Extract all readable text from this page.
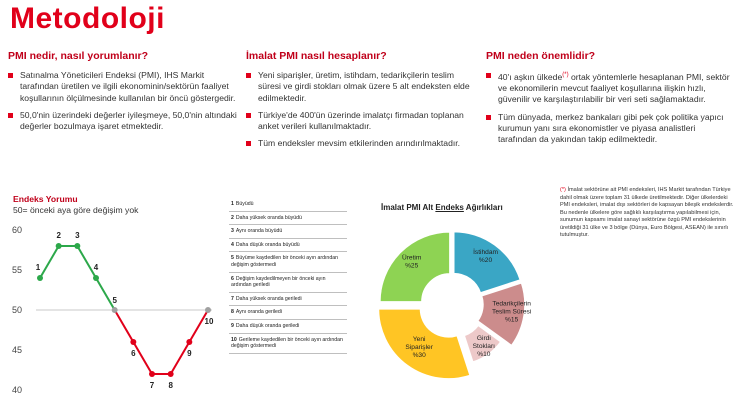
Metodoloji
PMI nedir, nasıl yorumlanır?
Satınalma Yöneticileri Endeksi (PMI), IHS Markit tarafından üretilen ve ilgili ekonominin/sektörün faaliyet koşullarının ölçülmesinde kullanılan bir öncü göstergedir.
50,0'nin üzerindeki değerler iyileşmeye, 50,0'nin altındaki değerler bozulmaya işaret etmektedir.
İmalat PMI nasıl hesaplanır?
Yeni siparişler, üretim, istihdam, tedarikçilerin teslim süresi ve girdi stokları olmak üzere 5 alt endeksten elde edilmektedir.
Türkiye'de 400'ün üzerinde imalatçı firmadan toplanan anket verileri kullanılmaktadır.
Tüm endeksler mevsim etkilerinden arındırılmaktadır.
PMI neden önemlidir?
40'ı aşkın ülkede(*) ortak yöntemlerle hesaplanan PMI, sektör ve ekonomilerin mevcut faaliyet koşullarına ilişkin hızlı, güvenilir ve karşılaştırılabilir bir veri seti sağlamaktadır.
Tüm dünyada, merkez bankaları gibi pek çok politika yapıcı kurumun yanı sıra ekonomistler ve piyasa analistleri tarafından da yakından takip edilmektedir.
Endeks Yorumu
50= önceki aya göre değişim yok
60
55
50
45
40
1
2 3
4
5
6
7 8
9
10
1 Büyüdü
2 Daha yüksek oranda büyüdü
3 Aynı oranda büyüdü
4 Daha düşük oranda büyüdü
5 Büyüme kaydedilen bir önceki ayın ardından değişim göstermedi
6 Değişim kaydedilmeyen bir önceki ayın ardından geriledi
7 Daha yüksek oranda geriledi
8 Aynı oranda geriledi
9 Daha düşük oranda geriledi
10 Gerileme kaydedilen bir önceki ayın ardından değişim göstermedi
İmalat PMI Alt Endeks Ağırlıkları
Üretim
%25
İstihdam
%20
Tedarikçilerin Teslim Süresi
%15
Girdi Stokları
%10
Yeni Siparişler
%30
(*) İmalat sektörüne ait PMI endeksleri, IHS Markit tarafından Türkiye dahil olmak üzere toplam 31 ülkede üretilmektedir. Diğer ülkelerdeki PMI endeksleri, imalat dışı sektörleri de kapsayan bileşik endekslerdir. Bu nedenle ülkelere göre sağlıklı karşılaştırma yapılabilmesi için, sunumun kapsamı imalat sanayi sektörüne özgü PMI endekslerinin üretildiği 31 ülke ve 3 bölge (Dünya, Euro Bölgesi, ASEAN) ile sınırlı tutulmuştur.
